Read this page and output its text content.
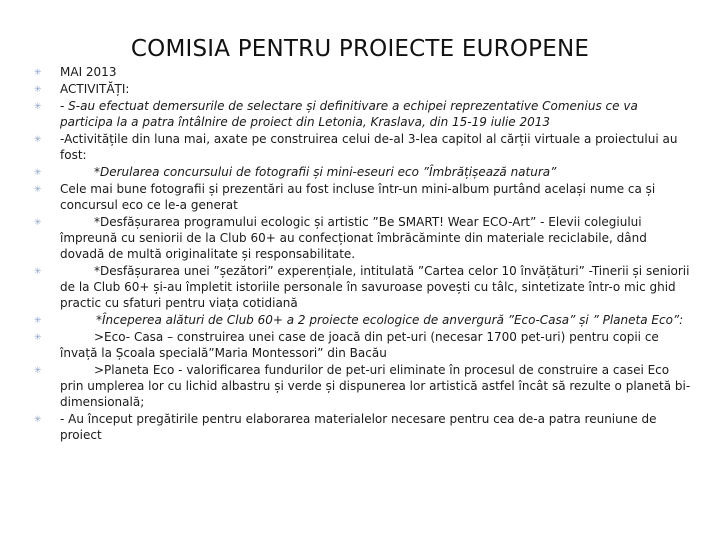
COMISIA PENTRU PROIECTE EUROPENE
✳ MAI 2013
✳ ACTIVITĂȚI:
✳ - S-au efectuat demersurile de selectare și definitivare a echipei reprezentative Comenius ce va participa la a patra întâlnire de proiect din Letonia, Kraslava, din 15-19 iulie 2013
✳ -Activitățile din luna mai, axate pe construirea celui de-al 3-lea capitol al cărții virtuale a proiectului au fost:
✳	*Derularea concursului de fotografii și mini-eseuri eco ”Îmbrățișează natura”
✳ Cele mai bune fotografii și prezentări au fost incluse într-un mini-album purtând același nume ca și concursul eco ce le-a generat
✳	*Desfășurarea programului ecologic și artistic ”Be SMART! Wear ECO-Art” - Elevii colegiului împreună cu seniorii de la Club 60+ au confecționat îmbrăcăminte din materiale reciclabile, dând dovadă de multă originalitate și responsabilitate.
✳	*Desfășurarea unei ”șezători” experențiale, intitulată ”Cartea celor 10 învățături” -Tinerii și seniorii de la Club 60+ și-au împletit istoriile personale în savuroase povești cu tâlc, sintetizate într-o mic ghid practic cu sfaturi pentru viața cotidiană
✳	*Începerea alături de Club 60+ a 2 proiecte ecologice de anvergură ”Eco-Casa” și ” Planeta Eco”:
✳	>Eco- Casa – construirea unei case de joacă din pet-uri (necesar 1700 pet-uri) pentru copii ce învață la Școala specială”Maria Montessori” din Bacău
✳	>Planeta Eco - valorificarea fundurilor de pet-uri eliminate în procesul de construire a casei Eco prin umplerea lor cu lichid albastru și verde și dispunerea lor artistică astfel încât să rezulte o planetă bi-dimensională;
✳ - Au început pregătirile pentru elaborarea materialelor necesare pentru cea de-a patra reuniune de proiect
